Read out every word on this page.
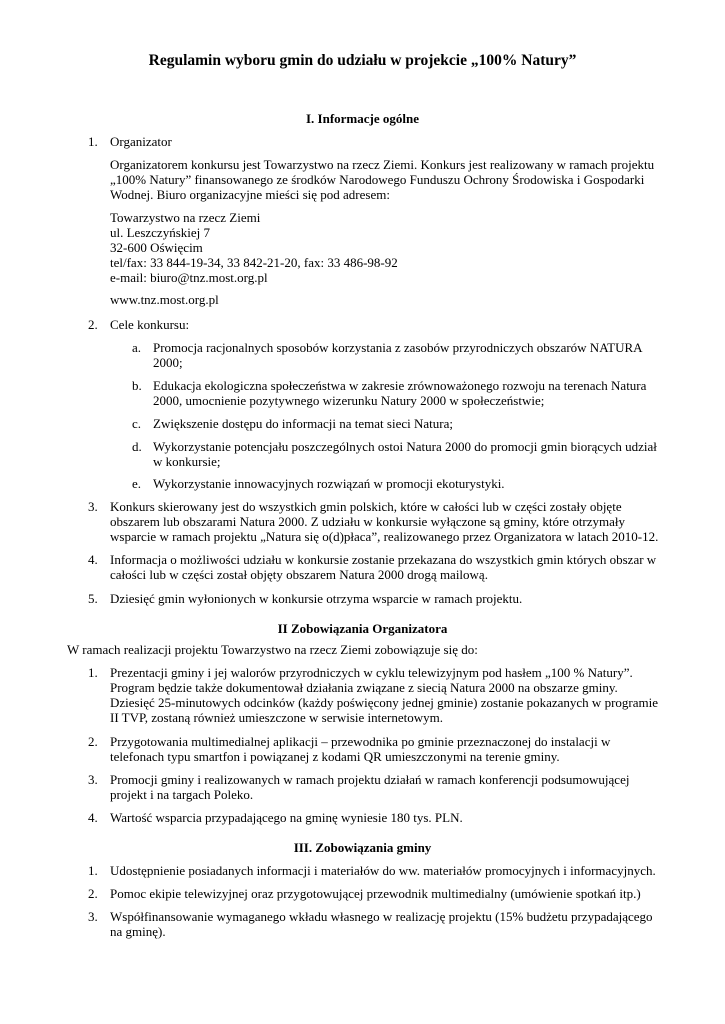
Regulamin wyboru gmin do udziału w projekcie „100% Natury”
I. Informacje ogólne
1. Organizator
Organizatorem konkursu jest Towarzystwo na rzecz Ziemi. Konkurs jest realizowany w ramach projektu
„100% Natury” finansowanego ze środków Narodowego Funduszu Ochrony Środowiska i Gospodarki
Wodnej. Biuro organizacyjne mieści się pod adresem:
Towarzystwo na rzecz Ziemi
ul. Leszczyńskiej 7
32-600 Oświęcim
tel/fax: 33 844-19-34, 33 842-21-20, fax: 33 486-98-92
e-mail: biuro@tnz.most.org.pl
www.tnz.most.org.pl
2. Cele konkursu:
a. Promocja racjonalnych sposobów korzystania z zasobów przyrodniczych obszarów NATURA
2000;
b. Edukacja ekologiczna społeczeństwa w zakresie zrównoważonego rozwoju na terenach Natura
2000, umocnienie pozytywnego wizerunku Natury 2000 w społeczeństwie;
c. Zwiększenie dostępu do informacji na temat sieci Natura;
d. Wykorzystanie potencjału poszczególnych ostoi Natura 2000 do promocji gmin biorących udział
w konkursie;
e. Wykorzystanie innowacyjnych rozwiązań w promocji ekoturystyki.
3. Konkurs skierowany jest do wszystkich gmin polskich, które w całości lub w części zostały objęte
obszarem lub obszarami Natura 2000. Z udziału w konkursie wyłączone są gminy, które otrzymały
wsparcie w ramach projektu „Natura się o(d)płaca”, realizowanego przez Organizatora w latach 2010-12.
4. Informacja o możliwości udziału w konkursie zostanie przekazana do wszystkich gmin których obszar w
całości lub w części został objęty obszarem Natura 2000 drogą mailową.
5. Dziesięć gmin wyłonionych w konkursie otrzyma wsparcie w ramach projektu.
II Zobowiązania Organizatora
W ramach realizacji projektu Towarzystwo na rzecz Ziemi zobowiązuje się do:
1. Prezentacji gminy i jej walorów przyrodniczych w cyklu telewizyjnym pod hasłem „100 % Natury”.
Program będzie także dokumentował działania związane z siecią Natura 2000 na obszarze gminy.
Dziesięć 25-minutowych odcinków (każdy poświęcony jednej gminie) zostanie pokazanych w programie
II TVP, zostaną również umieszczone w serwisie internetowym.
2. Przygotowania multimedialnej aplikacji – przewodnika po gminie przeznaczonej do instalacji w
telefonach typu smartfon i powiązanej z kodami QR umieszczonymi na terenie gminy.
3. Promocji gminy i realizowanych w ramach projektu działań w ramach konferencji podsumowującej
projekt i na targach Poleko.
4. Wartość wsparcia przypadającego na gminę wyniesie 180 tys. PLN.
III. Zobowiązania gminy
1. Udostępnienie posiadanych informacji i materiałów do ww. materiałów promocyjnych i informacyjnych.
2. Pomoc ekipie telewizyjnej oraz przygotowującej przewodnik multimedialny (umówienie spotkań itp.)
3. Współfinansowanie wymaganego wkładu własnego w realizację projektu (15% budżetu przypadającego
na gminę).
